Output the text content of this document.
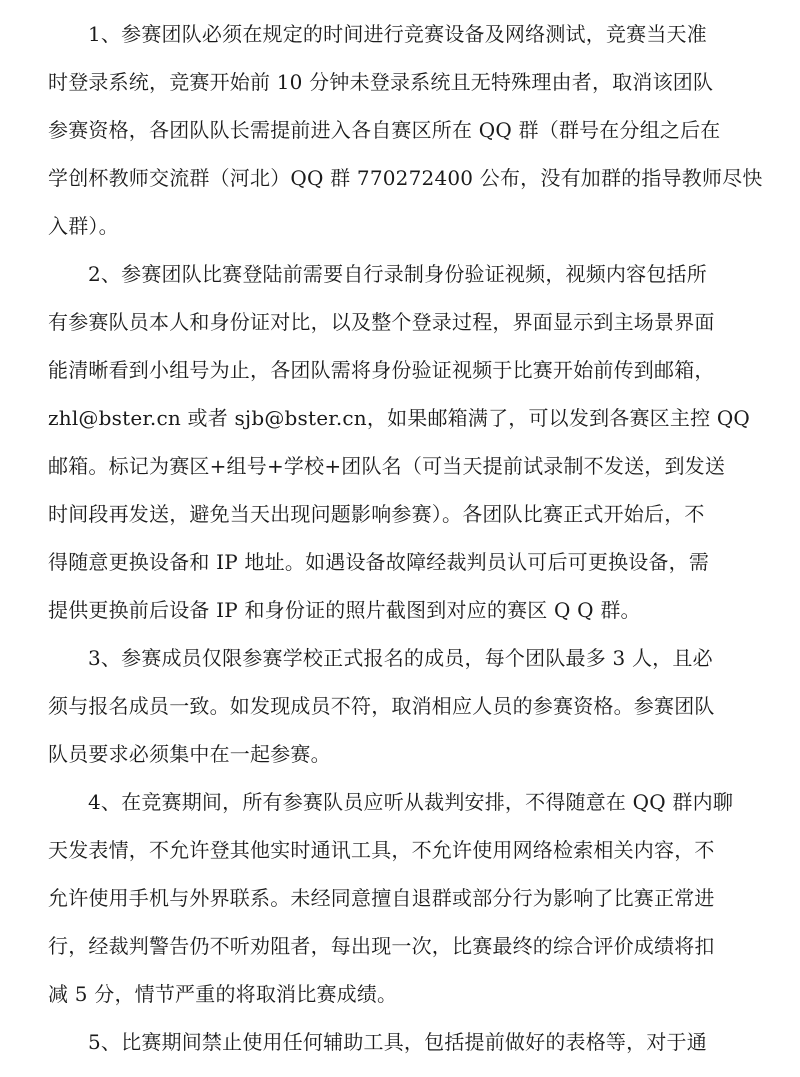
1、参赛团队必须在规定的时间进行竞赛设备及网络测试，竞赛当天准
时登录系统，竞赛开始前 10 分钟未登录系统且无特殊理由者，取消该团队
参赛资格，各团队队长需提前进入各自赛区所在 QQ 群（群号在分组之后在
学创杯教师交流群（河北）QQ 群 770272400 公布，没有加群的指导教师尽快
入群）。
2、参赛团队比赛登陆前需要自行录制身份验证视频，视频内容包括所
有参赛队员本人和身份证对比，以及整个登录过程，界面显示到主场景界面
能清晰看到小组号为止，各团队需将身份验证视频于比赛开始前传到邮箱，
zhl@bster.cn 或者 sjb@bster.cn，如果邮箱满了，可以发到各赛区主控 QQ
邮箱。标记为赛区+组号+学校+团队名（可当天提前试录制不发送，到发送
时间段再发送，避免当天出现问题影响参赛）。各团队比赛正式开始后，不
得随意更换设备和 IP 地址。如遇设备故障经裁判员认可后可更换设备，需
提供更换前后设备 IP 和身份证的照片截图到对应的赛区 Q Q 群。
3、参赛成员仅限参赛学校正式报名的成员，每个团队最多 3 人，且必
须与报名成员一致。如发现成员不符，取消相应人员的参赛资格。参赛团队
队员要求必须集中在一起参赛。
4、在竞赛期间，所有参赛队员应听从裁判安排，不得随意在 QQ 群内聊
天发表情，不允许登其他实时通讯工具，不允许使用网络检索相关内容，不
允许使用手机与外界联系。未经同意擅自退群或部分行为影响了比赛正常进
行，经裁判警告仍不听劝阻者，每出现一次，比赛最终的综合评价成绩将扣
减 5 分，情节严重的将取消比赛成绩。
5、比赛期间禁止使用任何辅助工具，包括提前做好的表格等，对于通
